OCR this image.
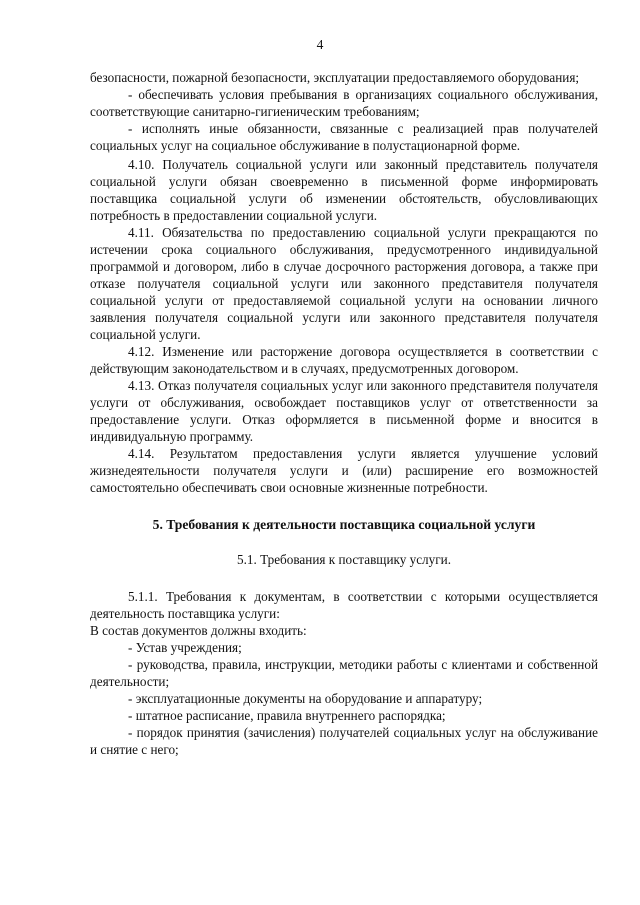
4

безопасности, пожарной безопасности, эксплуатации предоставляемого оборудования;

- обеспечивать условия пребывания в организациях социального обслуживания, соответствующие санитарно-гигиеническим требованиям;

- исполнять иные обязанности, связанные с реализацией прав получателей социальных услуг на социальное обслуживание в полустационарной форме.

4.10. Получатель социальной услуги или законный представитель получателя социальной услуги обязан своевременно в письменной форме информировать поставщика социальной услуги об изменении обстоятельств, обусловливающих потребность в предоставлении социальной услуги.

4.11. Обязательства по предоставлению социальной услуги прекращаются по истечении срока социального обслуживания, предусмотренного индивидуальной программой и договором, либо в случае досрочного расторжения договора, а также при отказе получателя социальной услуги или законного представителя получателя социальной услуги от предоставляемой социальной услуги на основании личного заявления получателя социальной услуги или законного представителя получателя социальной услуги.

4.12. Изменение или расторжение договора осуществляется в соответствии с действующим законодательством и в случаях, предусмотренных договором.

4.13. Отказ получателя социальных услуг или законного представителя получателя услуги от обслуживания, освобождает поставщиков услуг от ответственности за предоставление услуги. Отказ оформляется в письменной форме и вносится в индивидуальную программу.

4.14. Результатом предоставления услуги является улучшение условий жизнедеятельности получателя услуги и (или) расширение его возможностей самостоятельно обеспечивать свои основные жизненные потребности.

5. Требования к деятельности поставщика социальной услуги

5.1. Требования к поставщику услуги.

5.1.1. Требования к документам, в соответствии с которыми осуществляется деятельность поставщика услуги:

В состав документов должны входить:

- Устав учреждения;

- руководства, правила, инструкции, методики работы с клиентами и собственной деятельности;

- эксплуатационные документы на оборудование и аппаратуру;

- штатное расписание, правила внутреннего распорядка;

- порядок принятия (зачисления) получателей социальных услуг на обслуживание и снятие с него;
